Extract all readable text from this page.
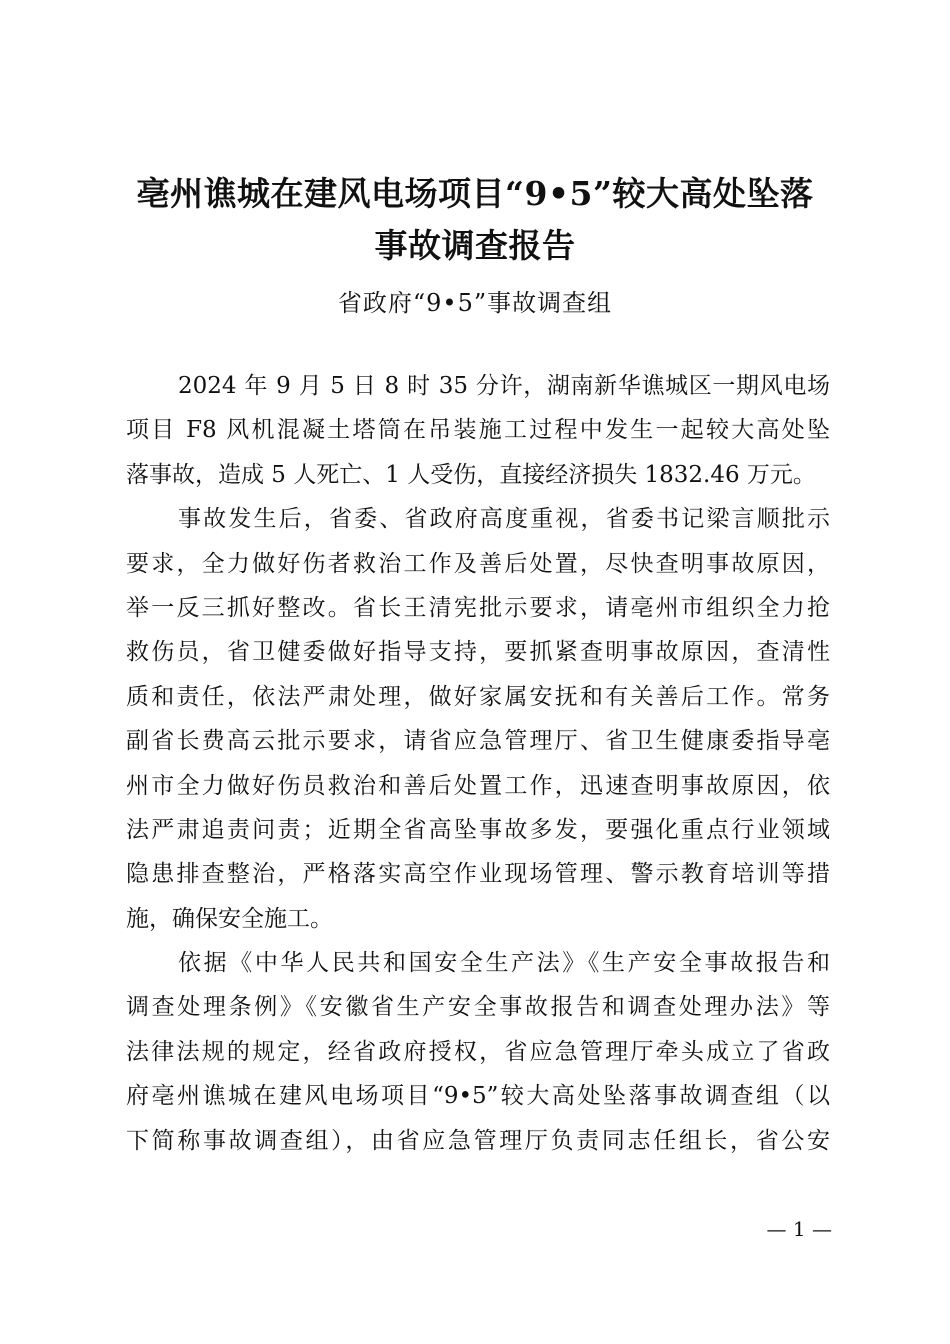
亳州谯城在建风电场项目“9•5”较大高处坠落
事故调查报告

省政府“9•5”事故调查组

2024 年 9 月 5 日 8 时 35 分许，湖南新华谯城区一期风电场
项目 F8 风机混凝土塔筒在吊装施工过程中发生一起较大高处坠
落事故，造成 5 人死亡、1 人受伤，直接经济损失 1832.46 万元。
事故发生后，省委、省政府高度重视，省委书记梁言顺批示
要求，全力做好伤者救治工作及善后处置，尽快查明事故原因，
举一反三抓好整改。省长王清宪批示要求，请亳州市组织全力抢
救伤员，省卫健委做好指导支持，要抓紧查明事故原因，查清性
质和责任，依法严肃处理，做好家属安抚和有关善后工作。常务
副省长费高云批示要求，请省应急管理厅、省卫生健康委指导亳
州市全力做好伤员救治和善后处置工作，迅速查明事故原因，依
法严肃追责问责；近期全省高坠事故多发，要强化重点行业领域
隐患排查整治，严格落实高空作业现场管理、警示教育培训等措
施，确保安全施工。
依据《中华人民共和国安全生产法》《生产安全事故报告和
调查处理条例》《安徽省生产安全事故报告和调查处理办法》等
法律法规的规定，经省政府授权，省应急管理厅牵头成立了省政
府亳州谯城在建风电场项目“9•5”较大高处坠落事故调查组（以
下简称事故调查组），由省应急管理厅负责同志任组长，省公安
— 1 —
